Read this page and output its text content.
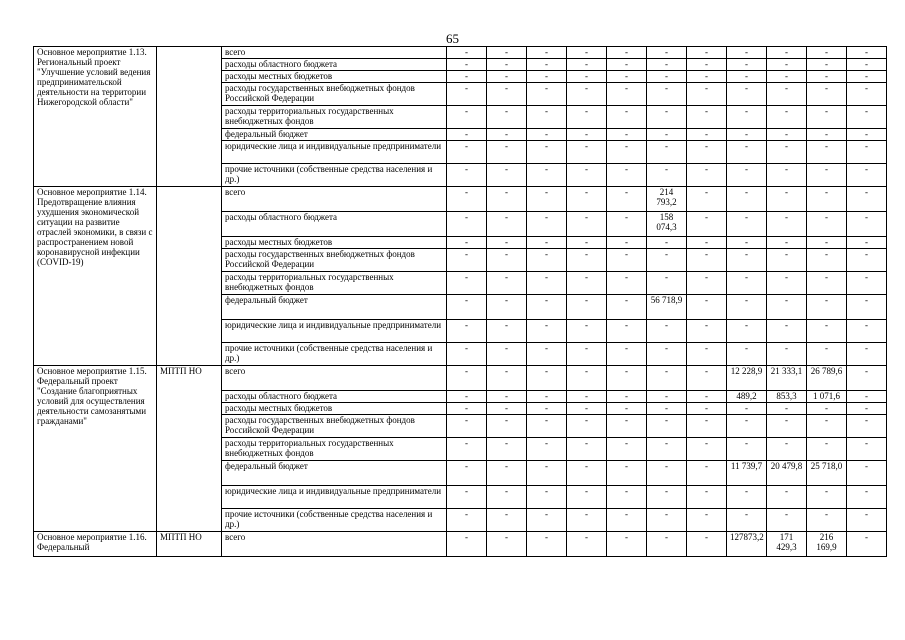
65
Основное мероприятие 1.13. Региональный проект "Улучшение условий ведения предпринимательской деятельности на территории Нижегородской области"		всего	-	-	-	-	-	-	-	-	-	-	-
		расходы областного бюджета	-	-	-	-	-	-	-	-	-	-	-
		расходы местных бюджетов	-	-	-	-	-	-	-	-	-	-	-
		расходы государственных внебюджетных фондов Российской Федерации	-	-	-	-	-	-	-	-	-	-	-
		расходы территориальных государственных внебюджетных фондов	-	-	-	-	-	-	-	-	-	-	-
		федеральный бюджет	-	-	-	-	-	-	-	-	-	-	-
		юридические лица и индивидуальные предприниматели	-	-	-	-	-	-	-	-	-	-	-
		прочие источники (собственные средства населения и др.)	-	-	-	-	-	-	-	-	-	-	-
Основное мероприятие 1.14. Предотвращение влияния ухудшения экономической ситуации на развитие отраслей экономики, в связи с распространением новой коронавирусной инфекции (COVID-19)		всего	-	-	-	-	-	214 793,2	-	-	-	-	-
		расходы областного бюджета	-	-	-	-	-	158 074,3	-	-	-	-	-
		расходы местных бюджетов	-	-	-	-	-	-	-	-	-	-	-
		расходы государственных внебюджетных фондов Российской Федерации	-	-	-	-	-	-	-	-	-	-	-
		расходы территориальных государственных внебюджетных фондов	-	-	-	-	-	-	-	-	-	-	-
		федеральный бюджет	-	-	-	-	-	56 718,9	-	-	-	-	-
		юридические лица и индивидуальные предприниматели	-	-	-	-	-	-	-	-	-	-	-
		прочие источники (собственные средства населения и др.)	-	-	-	-	-	-	-	-	-	-	-
Основное мероприятие 1.15. Федеральный проект "Создание благоприятных условий для осуществления деятельности самозанятыми гражданами"	МПТП НО	всего	-	-	-	-	-	-	-	12 228,9	21 333,1	26 789,6	-
		расходы областного бюджета	-	-	-	-	-	-	-	489,2	853,3	1 071,6	-
		расходы местных бюджетов	-	-	-	-	-	-	-	-	-	-	-
		расходы государственных внебюджетных фондов Российской Федерации	-	-	-	-	-	-	-	-	-	-	-
		расходы территориальных государственных внебюджетных фондов	-	-	-	-	-	-	-	-	-	-	-
		федеральный бюджет	-	-	-	-	-	-	-	11 739,7	20 479,8	25 718,0	-
		юридические лица и индивидуальные предприниматели	-	-	-	-	-	-	-	-	-	-	-
		прочие источники (собственные средства населения и др.)	-	-	-	-	-	-	-	-	-	-	-
Основное мероприятие 1.16. Федеральный	МПТП НО	всего	-	-	-	-	-	-	-	127873,2	171 429,3	216 169,9	-
